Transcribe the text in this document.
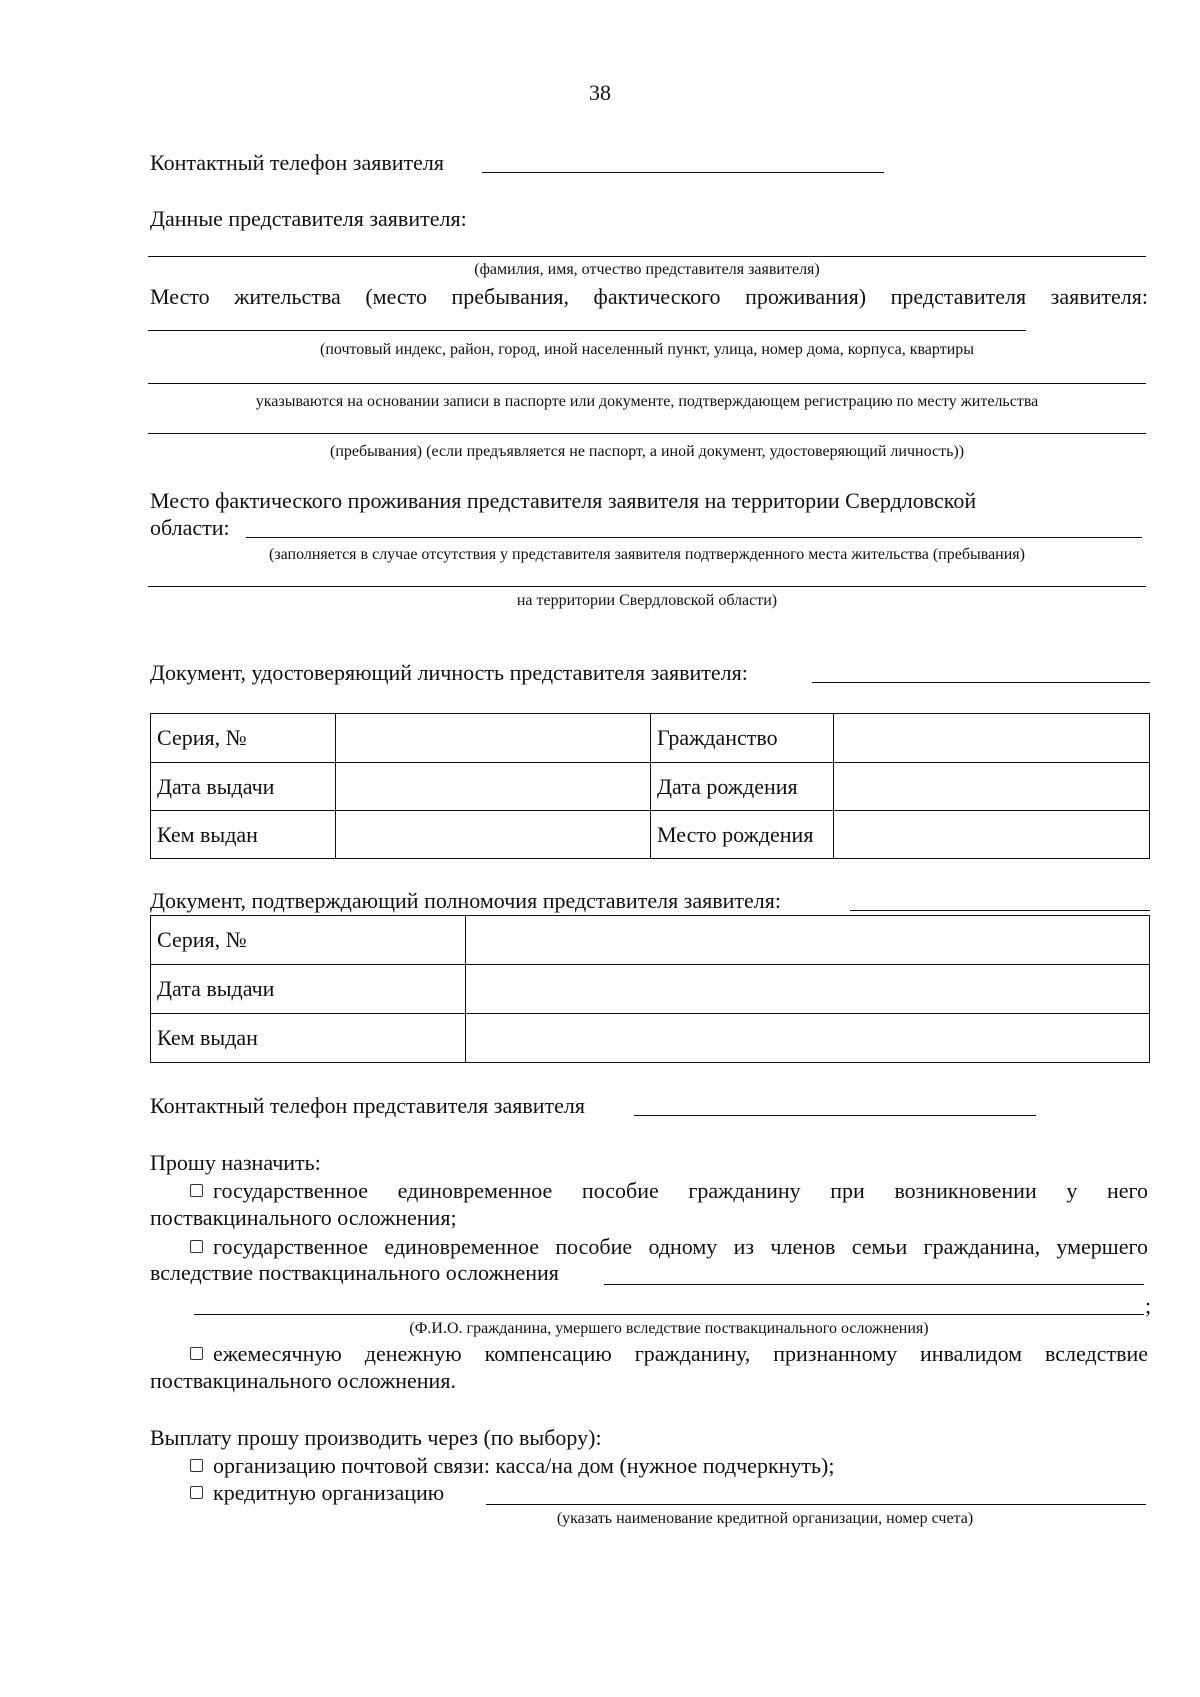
38
Контактный телефон заявителя
Данные представителя заявителя:
(фамилия, имя, отчество представителя заявителя)
Место жительства (место пребывания, фактического проживания) представителя заявителя:
(почтовый индекс, район, город, иной населенный пункт, улица, номер дома, корпуса, квартиры
указываются на основании записи в паспорте или документе, подтверждающем регистрацию по месту жительства
(пребывания) (если предъявляется не паспорт, а иной документ, удостоверяющий личность))
Место фактического проживания представителя заявителя на территории Свердловской
области:
(заполняется в случае отсутствия у представителя заявителя подтвержденного места жительства (пребывания)
на территории Свердловской области)
Документ, удостоверяющий личность представителя заявителя:
Серия, №		Гражданство	
Дата выдачи		Дата рождения	
Кем выдан		Место рождения	
Документ, подтверждающий полномочия представителя заявителя:
Серия, №	
Дата выдачи	
Кем выдан	
Контактный телефон представителя заявителя
Прошу назначить:
государственное единовременное пособие гражданину при возникновении у него
поствакцинального осложнения;
государственное единовременное пособие одному из членов семьи гражданина, умершего
вследствие поствакцинального осложнения
;
(Ф.И.О. гражданина, умершего вследствие поствакцинального осложнения)
ежемесячную денежную компенсацию гражданину, признанному инвалидом вследствие
поствакцинального осложнения.
Выплату прошу производить через (по выбору):
организацию почтовой связи: касса/на дом (нужное подчеркнуть);
кредитную организацию
(указать наименование кредитной организации, номер счета)
